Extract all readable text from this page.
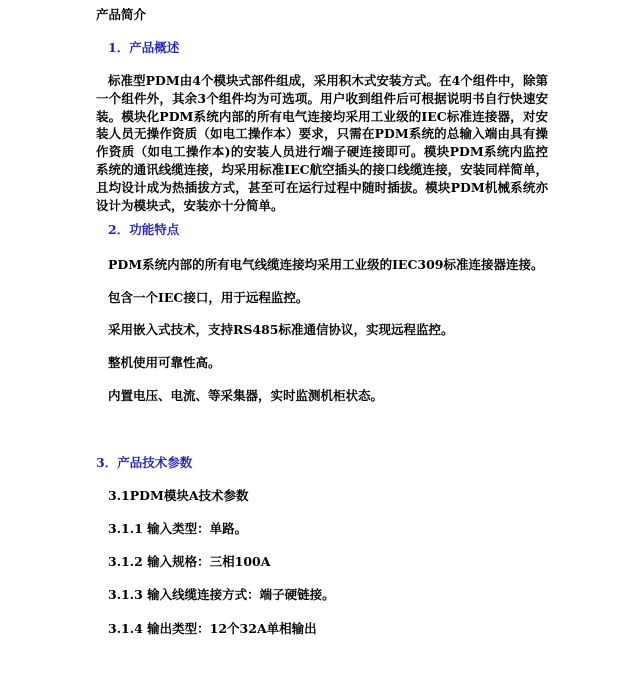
产品简介
1．产品概述
标准型PDM由4个模块式部件组成，采用积木式安装方式。在4个组件中，除第一个组件外，其余3个组件均为可选项。用户收到组件后可根据说明书自行快速安装。模块化PDM系统内部的所有电气连接均采用工业级的IEC标准连接器，对安装人员无操作资质（如电工操作本）要求，只需在PDM系统的总输入端由具有操作资质（如电工操作本)的安装人员进行端子硬连接即可。模块PDM系统内监控系统的通讯线缆连接，均采用标准IEC航空插头的接口线缆连接，安装同样简单，且均设计成为热插拔方式，甚至可在运行过程中随时插拔。模块PDM机械系统亦设计为模块式，安装亦十分简单。
2．功能特点
PDM系统内部的所有电气线缆连接均采用工业级的IEC309标准连接器连接。
包含一个IEC接口，用于远程监控。
采用嵌入式技术，支持RS485标准通信协议，实现远程监控。
整机使用可靠性高。
内置电压、电流、等采集器，实时监测机柜状态。
3．产品技术参数
3.1PDM模块A技术参数
3.1.1 输入类型：单路。
3.1.2 输入规格：三相100A
3.1.3 输入线缆连接方式：端子硬链接。
3.1.4 输出类型：12个32A单相输出
